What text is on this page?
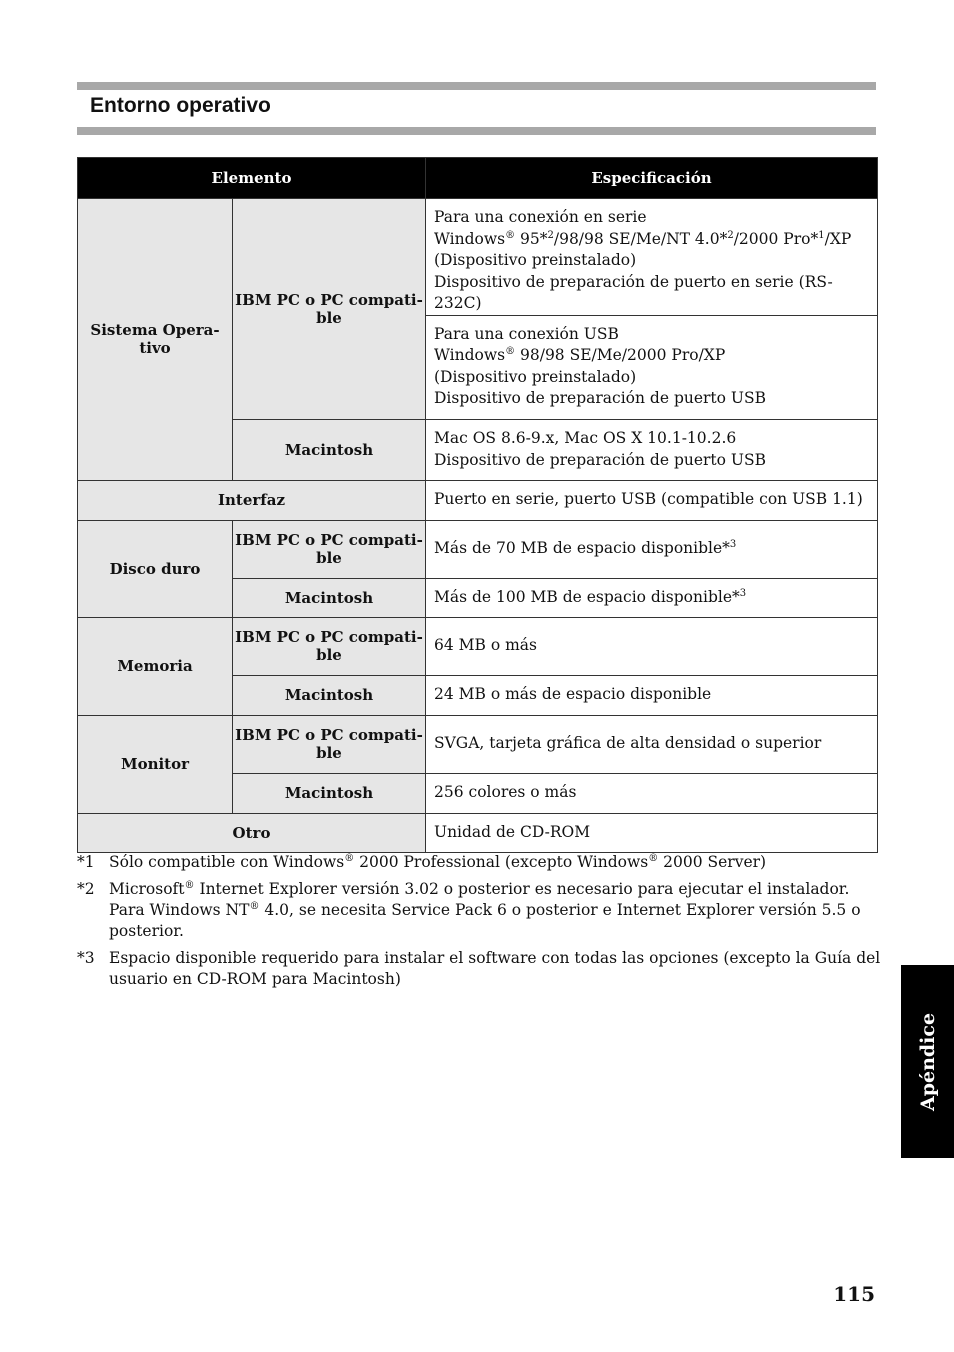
Entorno operativo
Elemento		Especificación
Sistema Opera-tivo	IBM PC o PC compati-ble	Para una conexión en serie
Windows® 95*$^2$/98/98 SE/Me/NT 4.0*$^2$/2000 Pro*$^1$/XP
(Dispositivo preinstalado)
Dispositivo de preparación de puerto en serie (RS-232C)

		Para una conexión USB
Windows® 98/98 SE/Me/2000 Pro/XP
(Dispositivo preinstalado)
Dispositivo de preparación de puerto USB

	Macintosh	Mac OS 8.6-9.x, Mac OS X 10.1-10.2.6
Dispositivo de preparación de puerto USB

Interfaz		Puerto en serie, puerto USB (compatible con USB 1.1)
Disco duro	IBM PC o PC compati-ble	Más de 70 MB de espacio disponible*$^3$
	Macintosh	Más de 100 MB de espacio disponible*$^3$
Memoria	IBM PC o PC compati-ble	64 MB o más
	Macintosh	24 MB o más de espacio disponible
Monitor	IBM PC o PC compati-ble	SVGA, tarjeta gráfica de alta densidad o superior
	Macintosh	256 colores o más
Otro		Unidad de CD-ROM
*1 Sólo compatible con Windows® 2000 Professional (excepto Windows® 2000 Server)
*2 Microsoft® Internet Explorer versión 3.02 o posterior es necesario para ejecutar el instalador.
Para Windows NT® 4.0, se necesita Service Pack 6 o posterior e Internet Explorer versión 5.5 o posterior.
*3 Espacio disponible requerido para instalar el software con todas las opciones (excepto la Guía del
usuario en CD-ROM para Macintosh)
Apéndice
115
